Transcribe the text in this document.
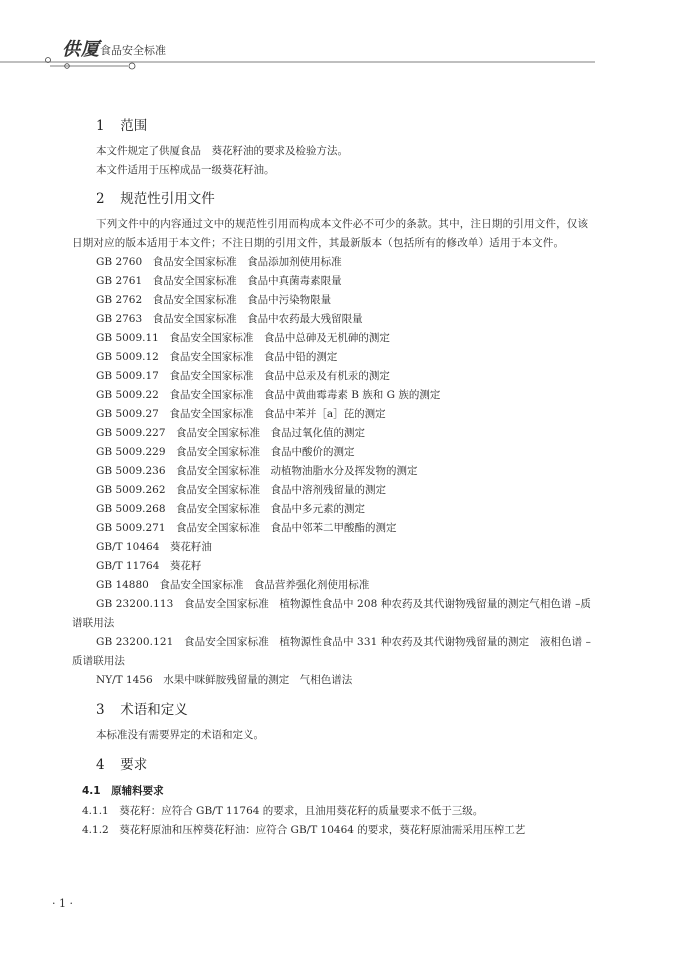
供厦 食品安全标准
1 范围

本文件规定了供厦食品　葵花籽油的要求及检验方法。

本文件适用于压榨成品一级葵花籽油。

2 规范性引用文件

下列文件中的内容通过文中的规范性引用而构成本文件必不可少的条款。其中，注日期的引用文件，仅该日期对应的版本适用于本文件；不注日期的引用文件，其最新版本（包括所有的修改单）适用于本文件。

GB 2760　食品安全国家标准　食品添加剂使用标准

GB 2761　食品安全国家标准　食品中真菌毒素限量

GB 2762　食品安全国家标准　食品中污染物限量

GB 2763　食品安全国家标准　食品中农药最大残留限量

GB 5009.11　食品安全国家标准　食品中总砷及无机砷的测定

GB 5009.12　食品安全国家标准　食品中铅的测定

GB 5009.17　食品安全国家标准　食品中总汞及有机汞的测定

GB 5009.22　食品安全国家标准　食品中黄曲霉毒素 B 族和 G 族的测定

GB 5009.27　食品安全国家标准　食品中苯并［a］芘的测定

GB 5009.227　食品安全国家标准　食品过氧化值的测定

GB 5009.229　食品安全国家标准　食品中酸价的测定

GB 5009.236　食品安全国家标准　动植物油脂水分及挥发物的测定

GB 5009.262　食品安全国家标准　食品中溶剂残留量的测定

GB 5009.268　食品安全国家标准　食品中多元素的测定

GB 5009.271　食品安全国家标准　食品中邻苯二甲酸酯的测定

GB/T 10464　葵花籽油

GB/T 11764　葵花籽

GB 14880　食品安全国家标准　食品营养强化剂使用标准

GB 23200.113　食品安全国家标准　植物源性食品中 208 种农药及其代谢物残留量的测定气相色谱 –质谱联用法

GB 23200.121　食品安全国家标准　植物源性食品中 331 种农药及其代谢物残留量的测定　液相色谱 – 质谱联用法

NY/T 1456　水果中咪鲜胺残留量的测定　气相色谱法

3 术语和定义

本标准没有需要界定的术语和定义。

4 要求
4.1　原辅料要求

4.1.1　葵花籽：应符合 GB/T 11764 的要求，且油用葵花籽的质量要求不低于三级。

4.1.2　葵花籽原油和压榨葵花籽油：应符合 GB/T 10464 的要求，葵花籽原油需采用压榨工艺

· 1 ·
